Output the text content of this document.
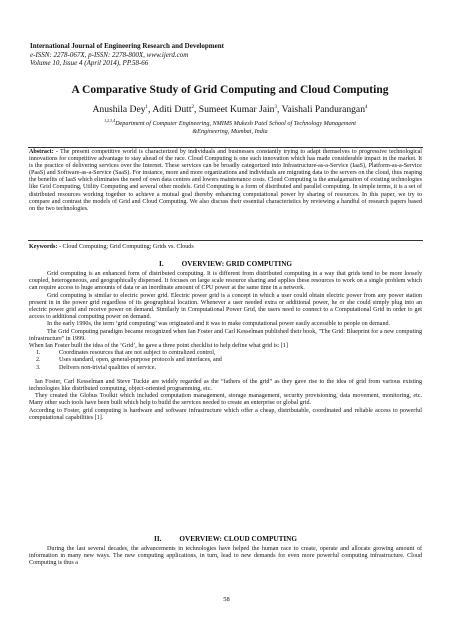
International Journal of Engineering Research and Development
e-ISSN: 2278-067X, p-ISSN: 2278-800X, www.ijerd.com
Volume 10, Issue 4 (April 2014), PP.58-66
A Comparative Study of Grid Computing and Cloud Computing
Anushila Dey$^1$, Aditi Dutt$^2$, Sumeet Kumar Jain$^3$, Vaishali Pandurangan$^4$
$^{1,2,3,4}$Department of Computer Engineering, NMIMS Mukesh Patel School of Technology Management
&Engineering, Mumbai, India
Abstract: - The present competitive world is characterized by individuals and businesses constantly trying to adapt themselves to progressive technological innovations for competitive advantage to stay ahead of the race. Cloud Computing is one such innovation which has made considerable impact in the market. It is the practice of delivering services over the Internet. These services can be broadly categorized into Infrastructure-as-a-Service (IaaS), Platform-as-a-Service (PaaS) and Software-as-a-Service (SaaS). For instance, more and more organizations and individuals are migrating data to the servers on the cloud, thus reaping the benefits of IaaS which eliminates the need of own data centres and lowers maintenance costs. Cloud Computing is the amalgamation of existing technologies like Grid Computing, Utility Computing and several other models. Grid Computing is a form of distributed and parallel computing. In simple terms, it is a set of distributed resources working together to achieve a mutual goal thereby enhancing computational power by sharing of resources. In this paper, we try to compare and contrast the models of Grid and Cloud Computing. We also discuss their essential characteristics by reviewing a handful of research papers based on the two technologies.
Keywords: - Cloud Computing; Grid Computing; Grids vs. Clouds
I.	OVERVIEW: GRID COMPUTING

Grid computing is an enhanced form of distributed computing. It is different from distributed computing in a way that grids tend to be more loosely coupled, heterogeneous, and geographically dispersed. It focuses on large scale resource sharing and applies these resources to work on a single problem which can require access to huge amounts of data or an inordinate amount of CPU power at the same time in a network.

Grid computing is similar to electric power grid. Electric power grid is a concept in which a user could obtain electric power from any power station present in in the power grid regardless of its geographical location. Whenever a user needed extra or additional power, he or she could simply plug into an electric power grid and receive power on demand. Similarly in Computational Power Grid, the users need to connect to a Computational Grid in order to get access to additional computing power on demand.

In the early 1990s, the term ‘grid computing’ was originated and it was to make computational power easily accessible to people on demand.

The Grid Computing paradigm became recognized when Ian Foster and Carl Kesselman published their book, "The Grid: Blueprint for a new computing infrastructure" in 1999.

When Ian Foster built the idea of the ‘Grid’, he gave a three point checklist to help define what grid is: [1]

1.	Coordinates resources that are not subject to centralized control,
2.	Uses standard, open, general-purpose protocols and interfaces, and
3.	Delivers non-trivial qualities of service.

Ian Foster, Carl Kesselman and Steve Tuckie are widely regarded as the “fathers of the grid” as they gave rise to the idea of grid from various existing technologies like distributed computing, object-oriented programming, etc.

They created the Globus Toolkit which included computation management, storage management, security provisioning, data movement, monitoring, etc. Many other such tools have been built which help to build the services needed to create an enterprise or global grid.

According to Foster, grid computing is hardware and software infrastructure which offer a cheap, distributable, coordinated and reliable access to powerful computational capabilities [1].

II.	OVERVIEW: CLOUD COMPUTING

During the last several decades, the advancements in technologies have helped the human race to create, operate and allocate growing amount of information in many new ways. The new computing applications, in turn, lead to new demands for even more powerful computing infrastructure. Cloud Computing is thus a

58
